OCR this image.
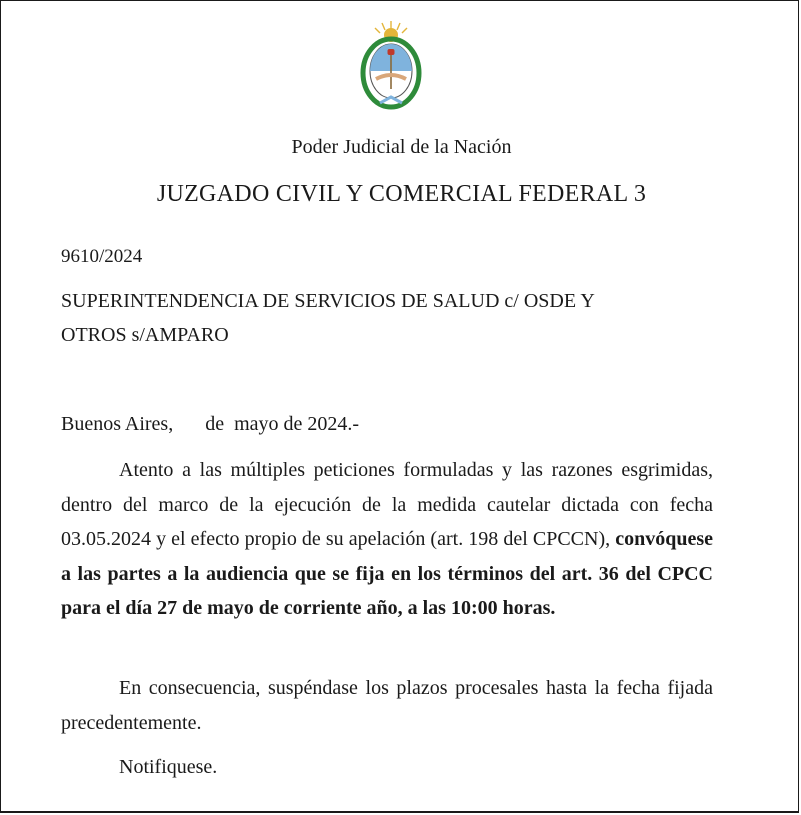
Poder Judicial de la Nación
JUZGADO CIVIL Y COMERCIAL FEDERAL 3
9610/2024
SUPERINTENDENCIA DE SERVICIOS DE SALUD c/ OSDE Y
OTROS s/AMPARO
Buenos Aires, de  mayo de 2024.-

Atento a las múltiples peticiones formuladas y las razones esgrimidas, dentro del marco de la ejecución de la medida cautelar dictada con fecha 03.05.2024 y el efecto propio de su apelación (art. 198 del CPCCN), convóquese a las partes a la audiencia que se fija en los términos del art. 36 del CPCC para el día 27 de mayo de corriente año, a las 10:00 horas.

En consecuencia, suspéndase los plazos procesales hasta la fecha fijada precedentemente.

Notifiquese.
